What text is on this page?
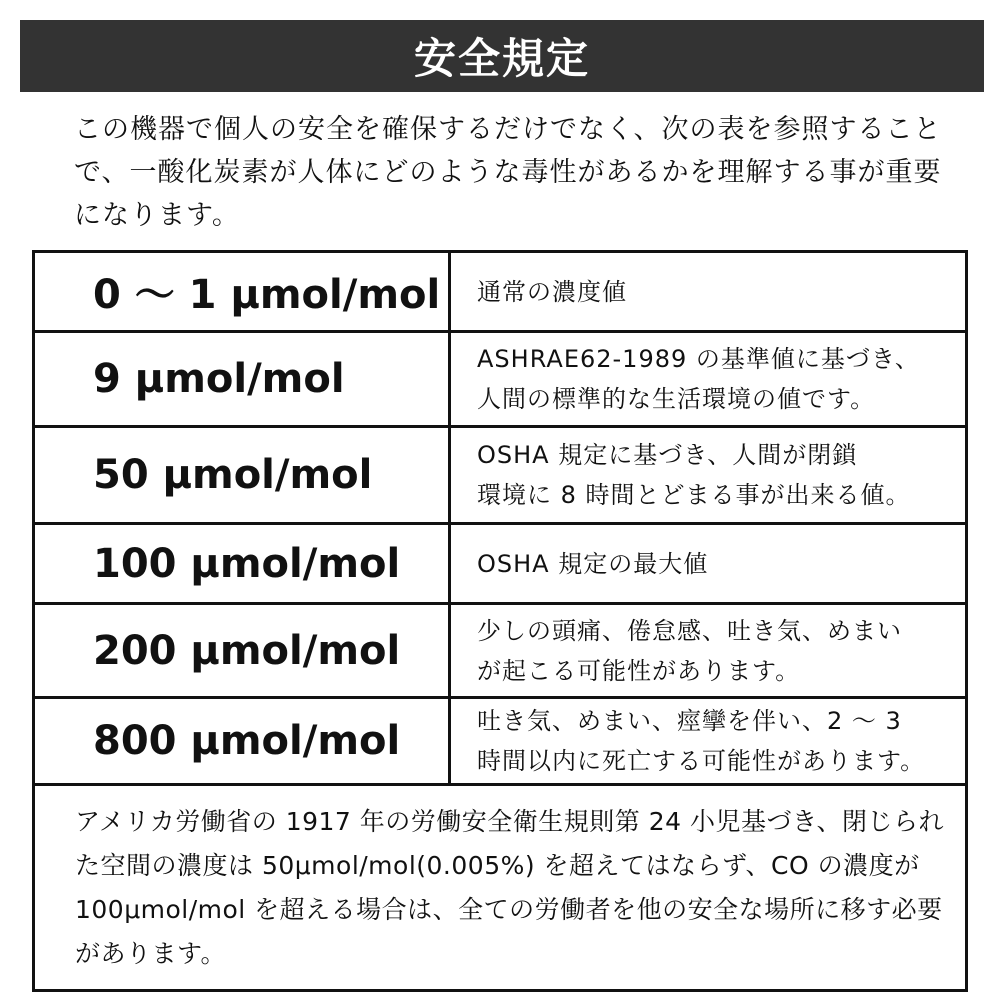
安全規定
この機器で個人の安全を確保するだけでなく、次の表を参照することで、一酸化炭素が人体にどのような毒性があるかを理解する事が重要になります。
0 ～ 1 μmol/mol	通常の濃度値
9 μmol/mol	ASHRAE62-1989 の基準値に基づき、
人間の標準的な生活環境の値です。
50 μmol/mol	OSHA 規定に基づき、人間が閉鎖
環境に 8 時間とどまる事が出来る値。
100 μmol/mol	OSHA 規定の最大値
200 μmol/mol	少しの頭痛、倦怠感、吐き気、めまい
が起こる可能性があります。
800 μmol/mol	吐き気、めまい、痙攣を伴い、2 ～ 3
時間以内に死亡する可能性があります。
アメリカ労働省の 1917 年の労働安全衛生規則第 24 小児基づき、閉じられた空間の濃度は 50μmol/mol(0.005%) を超えてはならず、CO の濃度が 100μmol/mol を超える場合は、全ての労働者を他の安全な場所に移す必要があります。
